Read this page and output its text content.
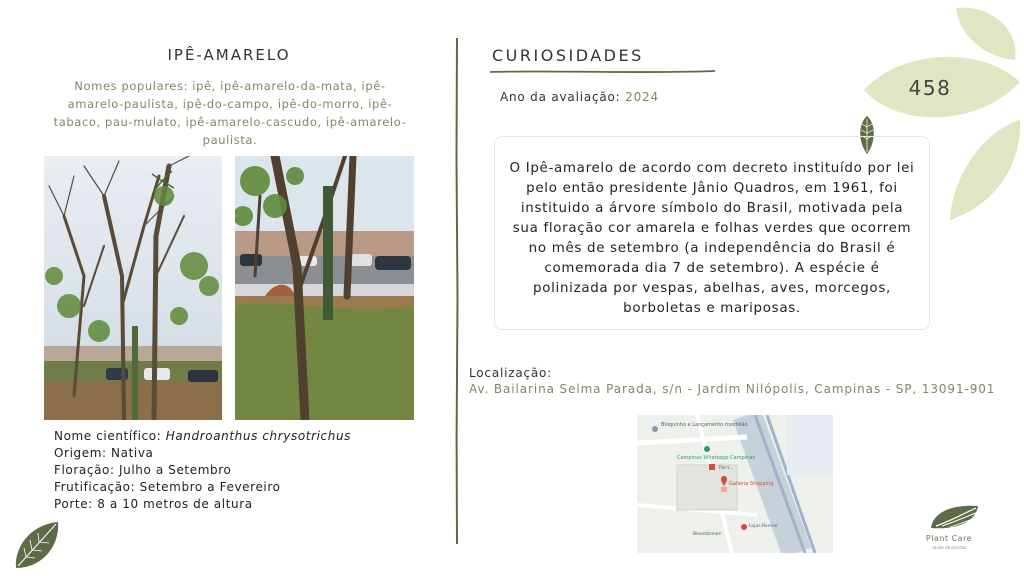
458
IPÊ-AMARELO
Nomes populares: ipê, ipê-amarelo-da-mata, ipê-amarelo-paulista, ipê-do-campo, ipê-do-morro, ipê-tabaco, pau-mulato, ipê-amarelo-cascudo, ipê-amarelo-paulista.
Nome científico: Handroanthus chrysotrichus
Origem: Nativa
Floração: Julho a Setembro
Frutificação: Setembro a Fevereiro
Porte: 8 a 10 metros de altura
CURIOSIDADES
Ano da avaliação: 2024
O Ipê-amarelo de acordo com decreto instituído por lei pelo então presidente Jânio Quadros, em 1961, foi instituido a árvore símbolo do Brasil, motivada pela sua floração cor amarela e folhas verdes que ocorrem no mês de setembro (a independência do Brasil é comemorada dia 7 de setembro). A espécie é polinizada por vespas, abelhas, aves, morcegos, borboletas e mariposas.
Localização:
Av. Bailarina Selma Parada, s/n - Jardim Nilópolis, Campinas - SP, 13091-901
Bloquinho e Lançamento mochilão
Campinas Whatsapp Campinas
Parri...
Galleria Shopping
Bloodstream
Lojas Renner
Plant Care
saúde de plantas
